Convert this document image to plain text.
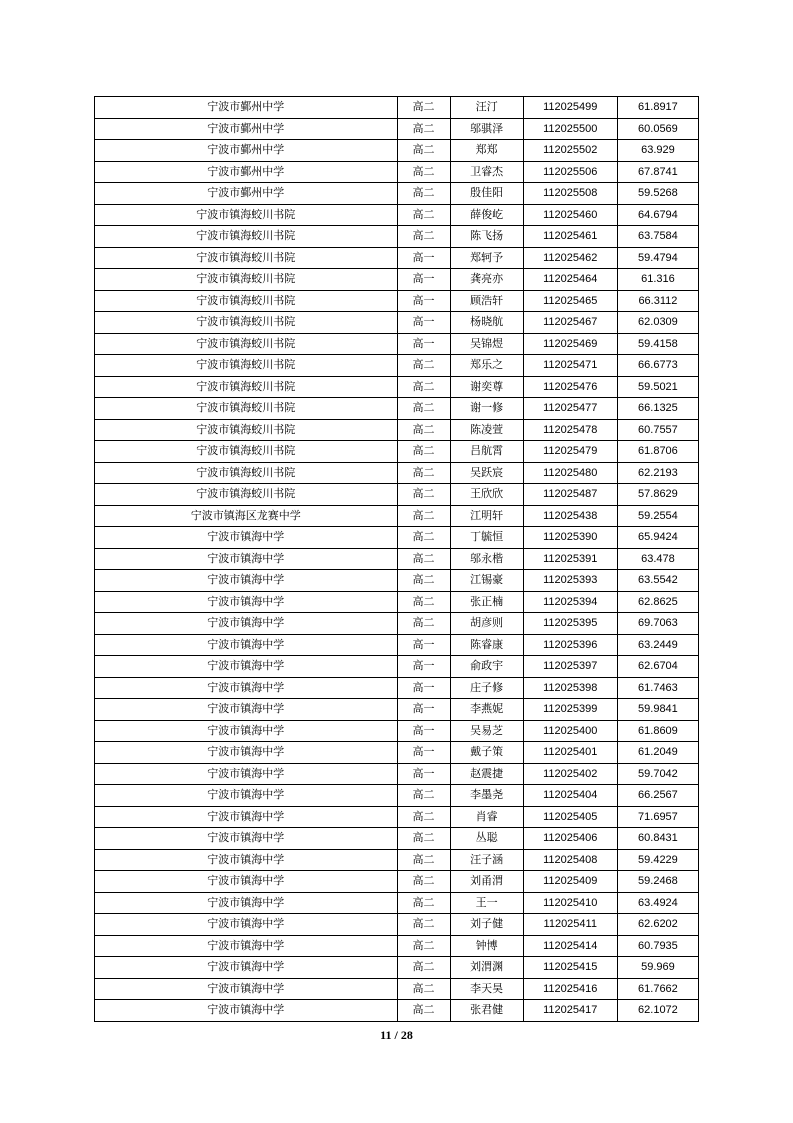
宁波市鄞州中学	高二	汪汀	112025499	61.8917
宁波市鄞州中学	高二	邬骐泽	112025500	60.0569
宁波市鄞州中学	高二	郑郑	112025502	63.929
宁波市鄞州中学	高二	卫睿杰	112025506	67.8741
宁波市鄞州中学	高二	殷佳阳	112025508	59.5268
宁波市镇海蛟川书院	高二	薛俊屹	112025460	64.6794
宁波市镇海蛟川书院	高二	陈飞扬	112025461	63.7584
宁波市镇海蛟川书院	高一	郑轲予	112025462	59.4794
宁波市镇海蛟川书院	高一	龚亮亦	112025464	61.316
宁波市镇海蛟川书院	高一	顾浩轩	112025465	66.3112
宁波市镇海蛟川书院	高一	杨晓航	112025467	62.0309
宁波市镇海蛟川书院	高一	吴锦煜	112025469	59.4158
宁波市镇海蛟川书院	高二	郑乐之	112025471	66.6773
宁波市镇海蛟川书院	高二	谢奕尊	112025476	59.5021
宁波市镇海蛟川书院	高二	谢一修	112025477	66.1325
宁波市镇海蛟川书院	高二	陈凌萱	112025478	60.7557
宁波市镇海蛟川书院	高二	吕航霄	112025479	61.8706
宁波市镇海蛟川书院	高二	吴跃宸	112025480	62.2193
宁波市镇海蛟川书院	高二	王欣欣	112025487	57.8629
宁波市镇海区龙赛中学	高二	江明轩	112025438	59.2554
宁波市镇海中学	高二	丁毓恒	112025390	65.9424
宁波市镇海中学	高二	邬永楷	112025391	63.478
宁波市镇海中学	高二	江锡豪	112025393	63.5542
宁波市镇海中学	高二	张正楠	112025394	62.8625
宁波市镇海中学	高二	胡彦则	112025395	69.7063
宁波市镇海中学	高一	陈睿康	112025396	63.2449
宁波市镇海中学	高一	俞政宇	112025397	62.6704
宁波市镇海中学	高一	庄子修	112025398	61.7463
宁波市镇海中学	高一	李燕妮	112025399	59.9841
宁波市镇海中学	高一	吴易芝	112025400	61.8609
宁波市镇海中学	高一	戴子策	112025401	61.2049
宁波市镇海中学	高一	赵震捷	112025402	59.7042
宁波市镇海中学	高二	李墨尧	112025404	66.2567
宁波市镇海中学	高二	肖睿	112025405	71.6957
宁波市镇海中学	高二	丛聪	112025406	60.8431
宁波市镇海中学	高二	汪子涵	112025408	59.4229
宁波市镇海中学	高二	刘甬渭	112025409	59.2468
宁波市镇海中学	高二	王一	112025410	63.4924
宁波市镇海中学	高二	刘子健	112025411	62.6202
宁波市镇海中学	高二	钟博	112025414	60.7935
宁波市镇海中学	高二	刘渭渊	112025415	59.969
宁波市镇海中学	高二	李天昊	112025416	61.7662
宁波市镇海中学	高二	张君健	112025417	62.1072
11 / 28
